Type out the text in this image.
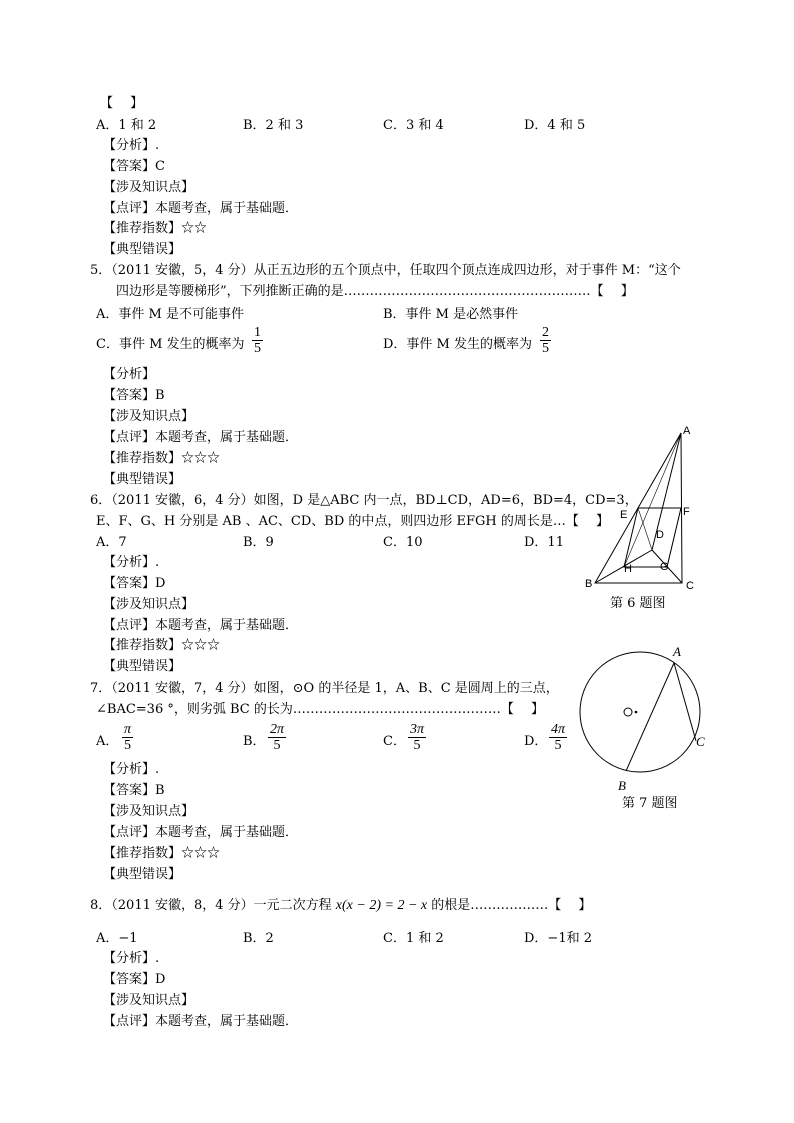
【　 】
A．1 和 2	B．2 和 3	C．3 和 4	D．4 和 5
【分析】.
【答案】C
【涉及知识点】
【点评】本题考查，属于基础题．
【推荐指数】☆☆
【典型错误】
5．（2011 安徽，5，4 分）从正五边形的五个顶点中，任取四个顶点连成四边形，对于事件 M：“这个
四边形是等腰梯形”，下列推断正确的是…………………………………………………【　 】
A．事件 M 是不可能事件	B．事件 M 是必然事件
C．事件 M 发生的概率为 $\frac{1}{5}$	D．事件 M 发生的概率为 $\frac{2}{5}$
【分析】
【答案】B
【涉及知识点】
【点评】本题考查，属于基础题．
【推荐指数】☆☆☆
【典型错误】
6．（2011 安徽，6，4 分）如图，D 是△ABC 内一点，BD⊥CD，AD=6，BD=4，CD=3，
E、F、G、H 分别是 AB 、AC、CD、BD 的中点，则四边形 EFGH 的周长是…【　 】
A．7	B．9	C．10	D．11
【分析】.
【答案】D
【涉及知识点】
【点评】本题考查，属于基础题．
【推荐指数】☆☆☆
【典型错误】
A
B	C
D
E	F
G
H
第 6 题图
7．（2011 安徽，7，4 分）如图，⊙O 的半径是 1，A、B、C 是圆周上的三点，
∠BAC=36 °，则劣弧 BC 的长为…………………………………………【　 】
A． $\frac{\pi}{5}$	B． $\frac{2\pi}{5}$	C． $\frac{3\pi}{5}$	D． $\frac{4\pi}{5}$
【分析】.
【答案】B
【涉及知识点】
【点评】本题考查，属于基础题．
【推荐指数】☆☆☆
【典型错误】
A
B
C
第 7 题图
8．（2011 安徽，8，4 分）一元二次方程 x(x − 2) = 2 − x 的根是………………【　 】
A．−1	B．2	C．1 和 2	D．−1和 2
【分析】.
【答案】D
【涉及知识点】
【点评】本题考查，属于基础题．
